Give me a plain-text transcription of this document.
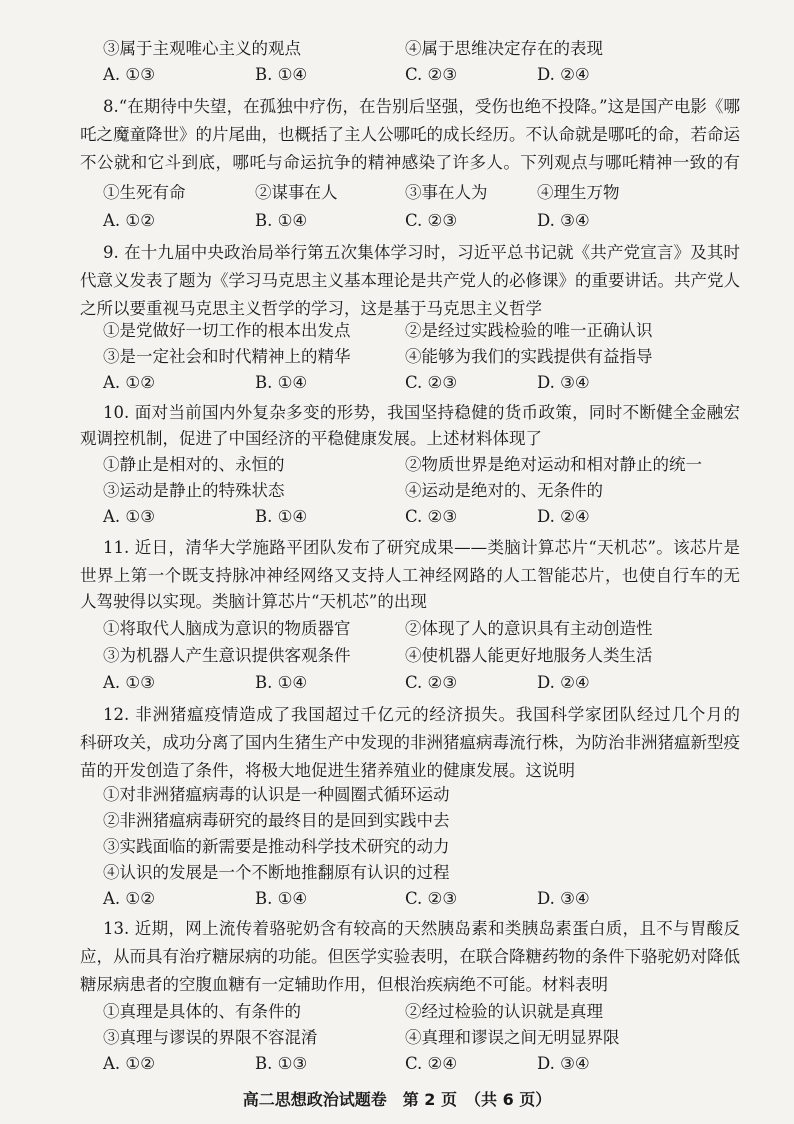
③属于主观唯心主义的观点	④属于思维决定存在的表现
A. ①③	B. ①④	C. ②③	D. ②④
8.“在期待中失望，在孤独中疗伤，在告别后坚强，受伤也绝不投降。”这是国产电影《哪
吒之魔童降世》的片尾曲，也概括了主人公哪吒的成长经历。不认命就是哪吒的命，若命运
不公就和它斗到底，哪吒与命运抗争的精神感染了许多人。下列观点与哪吒精神一致的有
①生死有命	②谋事在人	③事在人为	④理生万物
A. ①②	B. ①④	C. ②③	D. ③④
9. 在十九届中央政治局举行第五次集体学习时，习近平总书记就《共产党宣言》及其时
代意义发表了题为《学习马克思主义基本理论是共产党人的必修课》的重要讲话。共产党人
之所以要重视马克思主义哲学的学习，这是基于马克思主义哲学
①是党做好一切工作的根本出发点	②是经过实践检验的唯一正确认识
③是一定社会和时代精神上的精华	④能够为我们的实践提供有益指导
A. ①②	B. ①④	C. ②③	D. ③④
10. 面对当前国内外复杂多变的形势，我国坚持稳健的货币政策，同时不断健全金融宏
观调控机制，促进了中国经济的平稳健康发展。上述材料体现了
①静止是相对的、永恒的	②物质世界是绝对运动和相对静止的统一
③运动是静止的特殊状态	④运动是绝对的、无条件的
A. ①③	B. ①④	C. ②③	D. ②④
11. 近日，清华大学施路平团队发布了研究成果——类脑计算芯片“天机芯”。该芯片是
世界上第一个既支持脉冲神经网络又支持人工神经网路的人工智能芯片，也使自行车的无
人驾驶得以实现。类脑计算芯片“天机芯”的出现
①将取代人脑成为意识的物质器官	②体现了人的意识具有主动创造性
③为机器人产生意识提供客观条件	④使机器人能更好地服务人类生活
A. ①③	B. ①④	C. ②③	D. ②④
12. 非洲猪瘟疫情造成了我国超过千亿元的经济损失。我国科学家团队经过几个月的
科研攻关，成功分离了国内生猪生产中发现的非洲猪瘟病毒流行株，为防治非洲猪瘟新型疫
苗的开发创造了条件，将极大地促进生猪养殖业的健康发展。这说明
①对非洲猪瘟病毒的认识是一种圆圈式循环运动
②非洲猪瘟病毒研究的最终目的是回到实践中去
③实践面临的新需要是推动科学技术研究的动力
④认识的发展是一个不断地推翻原有认识的过程
A. ①②	B. ①④	C. ②③	D. ③④
13. 近期，网上流传着骆驼奶含有较高的天然胰岛素和类胰岛素蛋白质，且不与胃酸反
应，从而具有治疗糖尿病的功能。但医学实验表明，在联合降糖药物的条件下骆驼奶对降低
糖尿病患者的空腹血糖有一定辅助作用，但根治疾病绝不可能。材料表明
①真理是具体的、有条件的	②经过检验的认识就是真理
③真理与谬误的界限不容混淆	④真理和谬误之间无明显界限
A. ①②	B. ①③	C. ②④	D. ③④
高二思想政治试题卷　第 2 页　（共 6 页）
